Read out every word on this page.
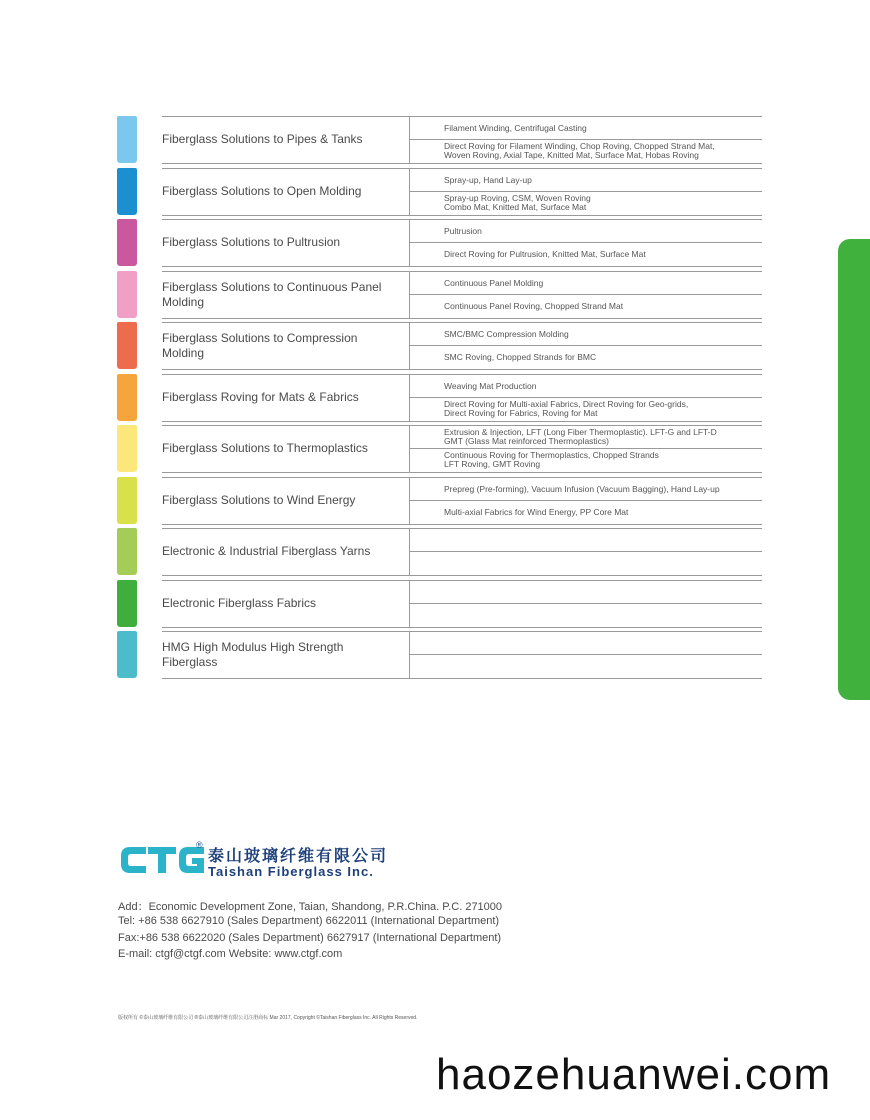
Fiberglass Solutions to Pipes & Tanks
Filament Winding, Centrifugal Casting
Direct Roving for Filament Winding, Chop Roving, Chopped Strand Mat,
Woven Roving, Axial Tape, Knitted Mat, Surface Mat, Hobas Roving
Fiberglass Solutions to Open Molding
Spray-up, Hand Lay-up
Spray-up Roving, CSM, Woven Roving
Combo Mat, Knitted Mat, Surface Mat
Fiberglass Solutions to Pultrusion
Pultrusion
Direct Roving for Pultrusion, Knitted Mat, Surface Mat
Fiberglass Solutions to Continuous Panel Molding
Continuous Panel Molding
Continuous Panel Roving, Chopped Strand Mat
Fiberglass Solutions to Compression Molding
SMC/BMC Compression Molding
SMC Roving, Chopped Strands for BMC
Fiberglass Roving for Mats & Fabrics
Weaving Mat Production
Direct Roving for Multi-axial Fabrics, Direct Roving for Geo-grids,
Direct Roving for Fabrics, Roving for Mat
Fiberglass Solutions to Thermoplastics
Extrusion & Injection, LFT (Long Fiber Thermoplastic). LFT-G and LFT-D
GMT (Glass Mat reinforced Thermoplastics)
Continuous Roving for Thermoplastics, Chopped Strands
LFT Roving, GMT Roving
Fiberglass Solutions to Wind Energy
Prepreg (Pre-forming), Vacuum Infusion (Vacuum Bagging), Hand Lay-up
Multi-axial Fabrics for Wind Energy, PP Core Mat
Electronic & Industrial Fiberglass Yarns
Electronic Fiberglass Fabrics
HMG High Modulus High Strength Fiberglass
®
泰山玻璃纤维有限公司
Taishan Fiberglass Inc.
Add：Economic Development Zone, Taian, Shandong, P.R.China. P.C. 271000
Tel: +86 538 6627910 (Sales Department) 6622011 (International Department)
Fax:+86 538 6622020 (Sales Department) 6627917 (International Department)
E-mail: ctgf@ctgf.com Website: www.ctgf.com
版权所有 ©泰山玻璃纤维有限公司 ®泰山玻璃纤维有限公司注册商标 Mar 2017, Copyright ©Taishan Fiberglass Inc. All Rights Reserved.
haozehuanwei.com
